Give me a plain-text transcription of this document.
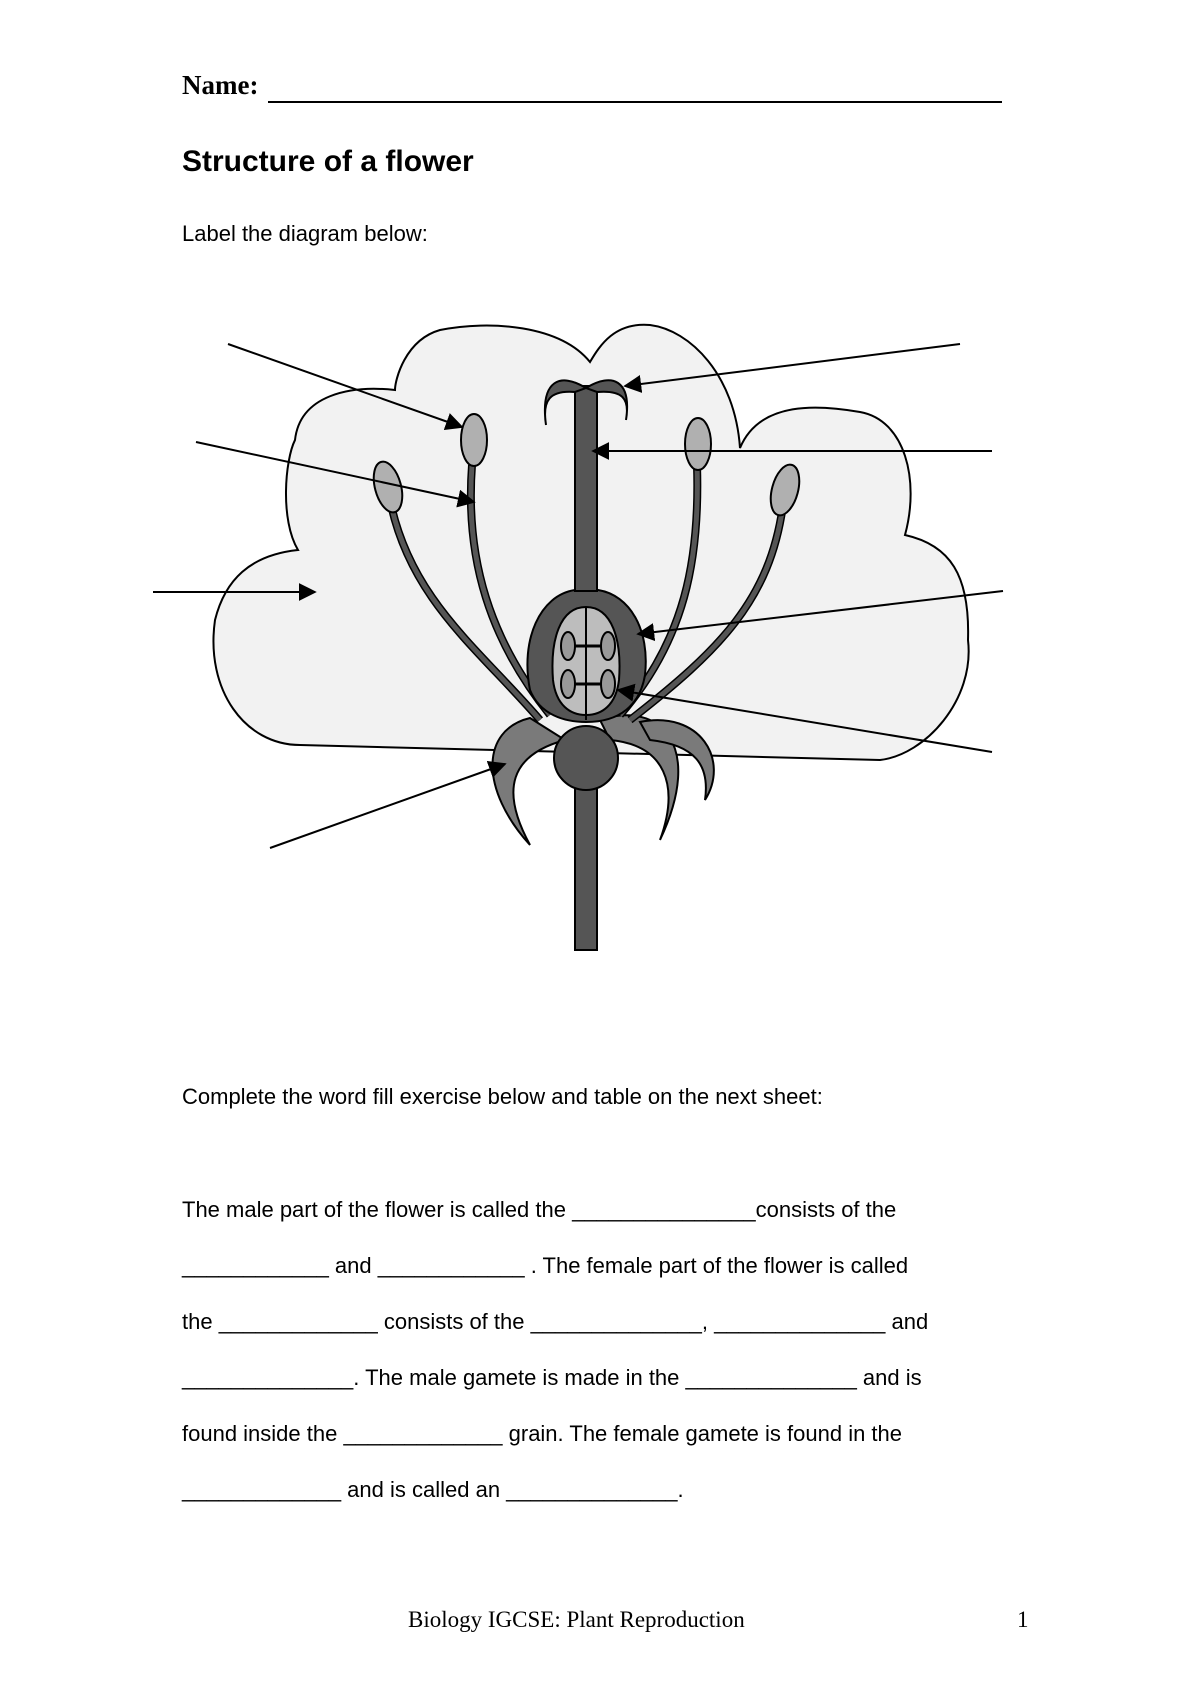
Name:
Structure of a flower
Label the diagram below:
Complete the word fill exercise below and table on the next sheet:
The male part of the flower is called the _______________consists of the
____________ and ____________ . The female part of the flower is called
the _____________ consists of the ______________, ______________ and
______________. The male gamete is made in the ______________ and is
found inside the _____________ grain. The female gamete is found in the
_____________ and is called an ______________.
Biology IGCSE: Plant Reproduction	1
